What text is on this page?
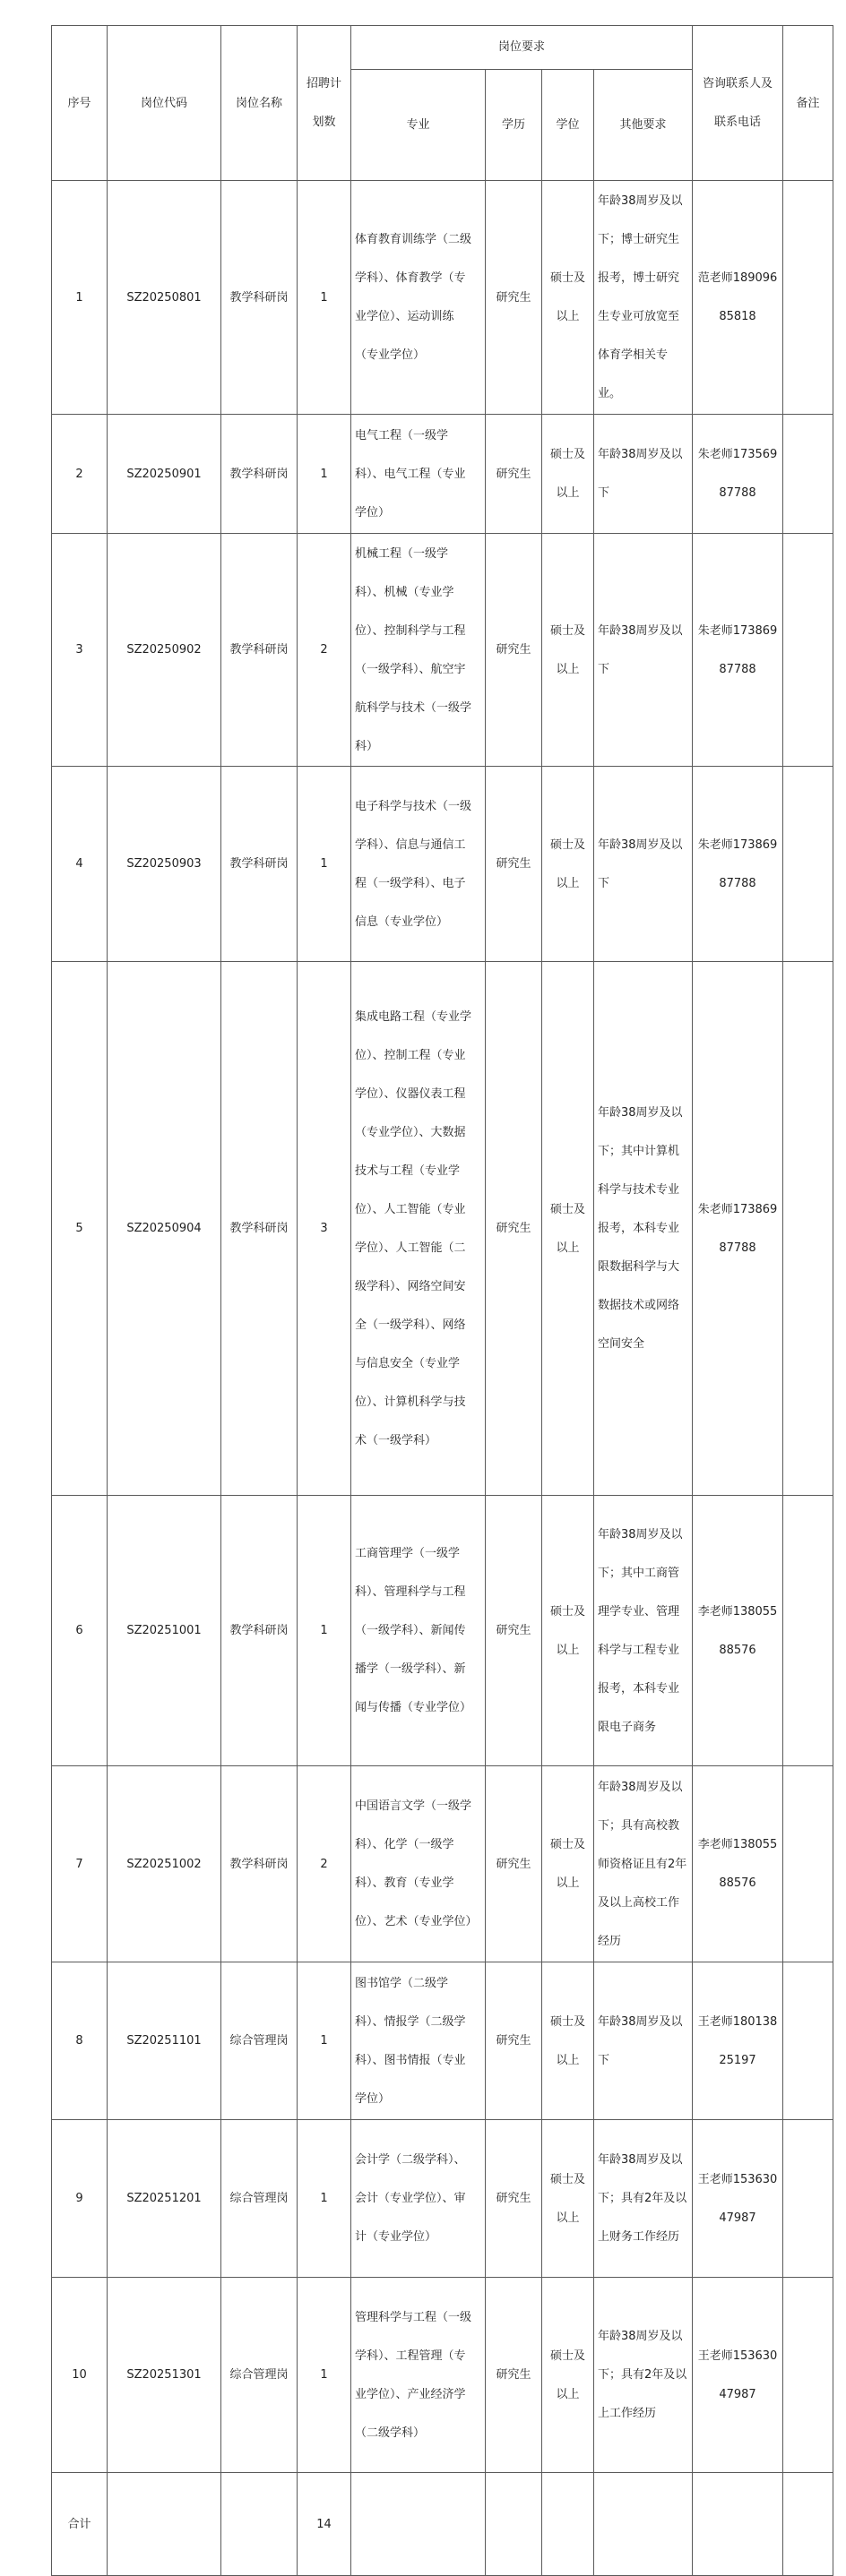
序号	岗位代码	岗位名称	招聘计划数	岗位要求				咨询联系人及联系电话	备注
				专业	学历	学位	其他要求		
1	SZ20250801	教学科研岗	1	体育教育训练学（二级学科）、体育教学（专业学位）、运动训练（专业学位）	研究生	硕士及以上	年龄38周岁及以下；博士研究生报考，博士研究生专业可放宽至体育学相关专业。	范老师18909685818	
2	SZ20250901	教学科研岗	1	电气工程（一级学科）、电气工程（专业学位）	研究生	硕士及以上	年龄38周岁及以下	朱老师17356987788	
3	SZ20250902	教学科研岗	2	机械工程（一级学科）、机械（专业学位）、控制科学与工程（一级学科）、航空宇航科学与技术（一级学科）	研究生	硕士及以上	年龄38周岁及以下	朱老师17386987788	
4	SZ20250903	教学科研岗	1	电子科学与技术（一级学科）、信息与通信工程（一级学科）、电子信息（专业学位）	研究生	硕士及以上	年龄38周岁及以下	朱老师17386987788	
5	SZ20250904	教学科研岗	3	集成电路工程（专业学位）、控制工程（专业学位）、仪器仪表工程（专业学位）、大数据技术与工程（专业学位）、人工智能（专业学位）、人工智能（二级学科）、网络空间安全（一级学科）、网络与信息安全（专业学位）、计算机科学与技术（一级学科）	研究生	硕士及以上	年龄38周岁及以下；其中计算机科学与技术专业报考，本科专业限数据科学与大数据技术或网络空间安全	朱老师17386987788	
6	SZ20251001	教学科研岗	1	工商管理学（一级学科）、管理科学与工程（一级学科）、新闻传播学（一级学科）、新闻与传播（专业学位）	研究生	硕士及以上	年龄38周岁及以下；其中工商管理学专业、管理科学与工程专业报考，本科专业限电子商务	李老师13805588576	
7	SZ20251002	教学科研岗	2	中国语言文学（一级学科）、化学（一级学科）、教育（专业学位）、艺术（专业学位）	研究生	硕士及以上	年龄38周岁及以下；具有高校教师资格证且有2年及以上高校工作经历	李老师13805588576	
8	SZ20251101	综合管理岗	1	图书馆学（二级学科）、情报学（二级学科）、图书情报（专业学位）	研究生	硕士及以上	年龄38周岁及以下	王老师18013825197	
9	SZ20251201	综合管理岗	1	会计学（二级学科）、会计（专业学位）、审计（专业学位）	研究生	硕士及以上	年龄38周岁及以下；具有2年及以上财务工作经历	王老师15363047987	
10	SZ20251301	综合管理岗	1	管理科学与工程（一级学科）、工程管理（专业学位）、产业经济学（二级学科）	研究生	硕士及以上	年龄38周岁及以下；具有2年及以上工作经历	王老师15363047987	
合计			14						
